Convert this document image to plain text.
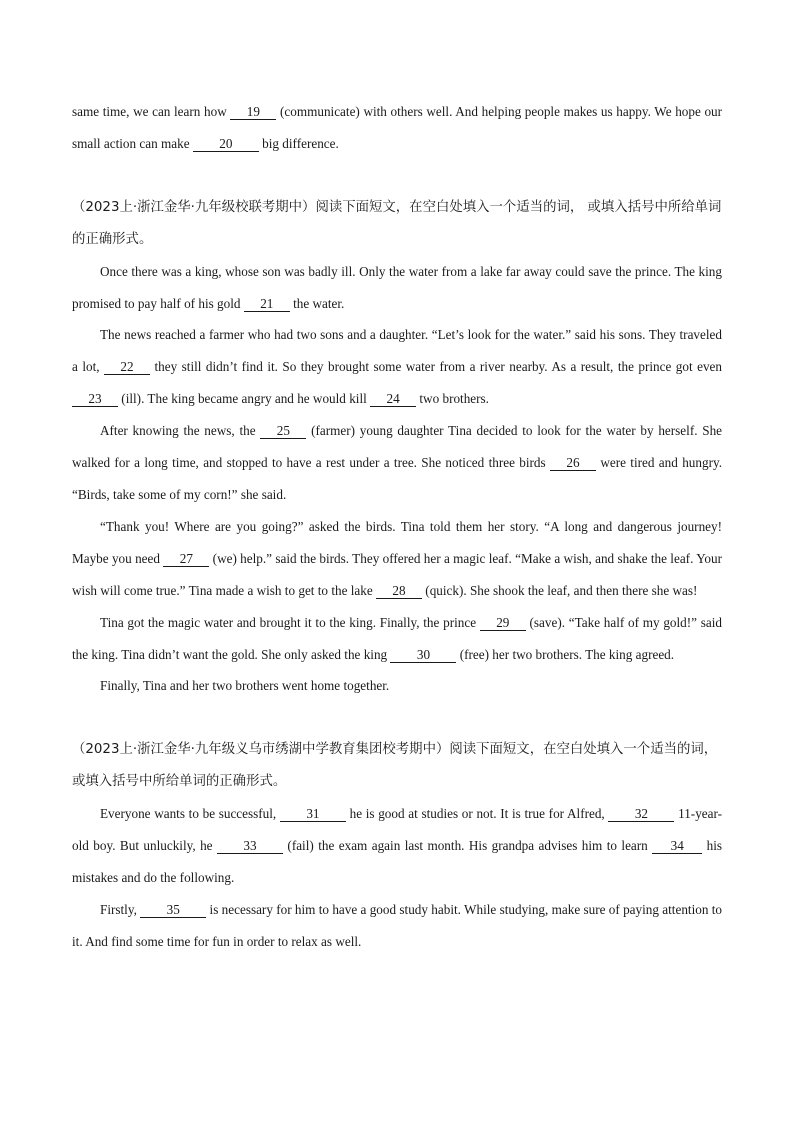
same time, we can learn how 19 (communicate) with others well. And helping people makes us happy. We hope our small action can make 20 big difference.

（2023上·浙江金华·九年级校联考期中）阅读下面短文，在空白处填入一个适当的词， 或填入括号中所给单词的正确形式。

Once there was a king, whose son was badly ill. Only the water from a lake far away could save the prince. The king promised to pay half of his gold 21 the water.

The news reached a farmer who had two sons and a daughter. “Let’s look for the water.” said his sons. They traveled a lot, 22 they still didn’t find it. So they brought some water from a river nearby. As a result, the prince got even 23 (ill). The king became angry and he would kill 24 two brothers.

After knowing the news, the 25 (farmer) young daughter Tina decided to look for the water by herself. She walked for a long time, and stopped to have a rest under a tree. She noticed three birds 26 were tired and hungry. “Birds, take some of my corn!” she said.

“Thank you! Where are you going?” asked the birds. Tina told them her story. “A long and dangerous journey! Maybe you need 27 (we) help.” said the birds. They offered her a magic leaf. “Make a wish, and shake the leaf. Your wish will come true.” Tina made a wish to get to the lake 28 (quick). She shook the leaf, and then there she was!

Tina got the magic water and brought it to the king. Finally, the prince 29 (save). “Take half of my gold!” said the king. Tina didn’t want the gold. She only asked the king 30 (free) her two brothers. The king agreed.

Finally, Tina and her two brothers went home together.

（2023上·浙江金华·九年级义乌市绣湖中学教育集团校考期中）阅读下面短文，在空白处填入一个适当的词，或填入括号中所给单词的正确形式。

Everyone wants to be successful, 31 he is good at studies or not. It is true for Alfred, 32 11-year-old boy. But unluckily, he 33 (fail) the exam again last month. His grandpa advises him to learn 34 his mistakes and do the following.

Firstly, 35 is necessary for him to have a good study habit. While studying, make sure of paying attention to it. And find some time for fun in order to relax as well.
